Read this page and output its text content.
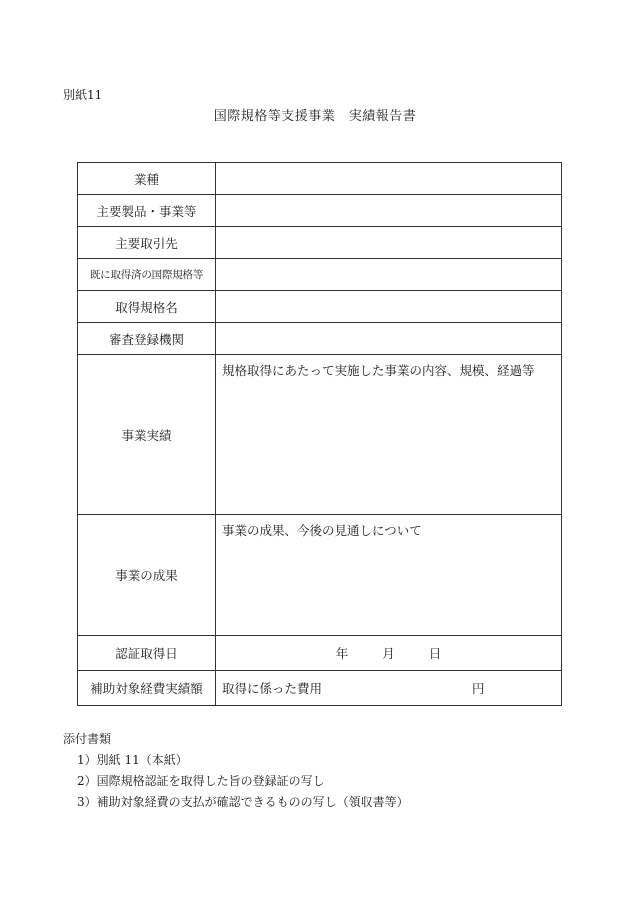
別紙11
国際規格等支援事業　実績報告書
業種	
主要製品・事業等	
主要取引先	
既に取得済の国際規格等	
取得規格名	
審査登録機関	
事業実績	規格取得にあたって実施した事業の内容、規模、経過等
事業の成果	事業の成果、今後の見通しについて
認証取得日	年 月 日
補助対象経費実績額	取得に係った費用 円
添付書類
1）別紙 11（本紙）
2）国際規格認証を取得した旨の登録証の写し
3）補助対象経費の支払が確認できるものの写し（領収書等）
